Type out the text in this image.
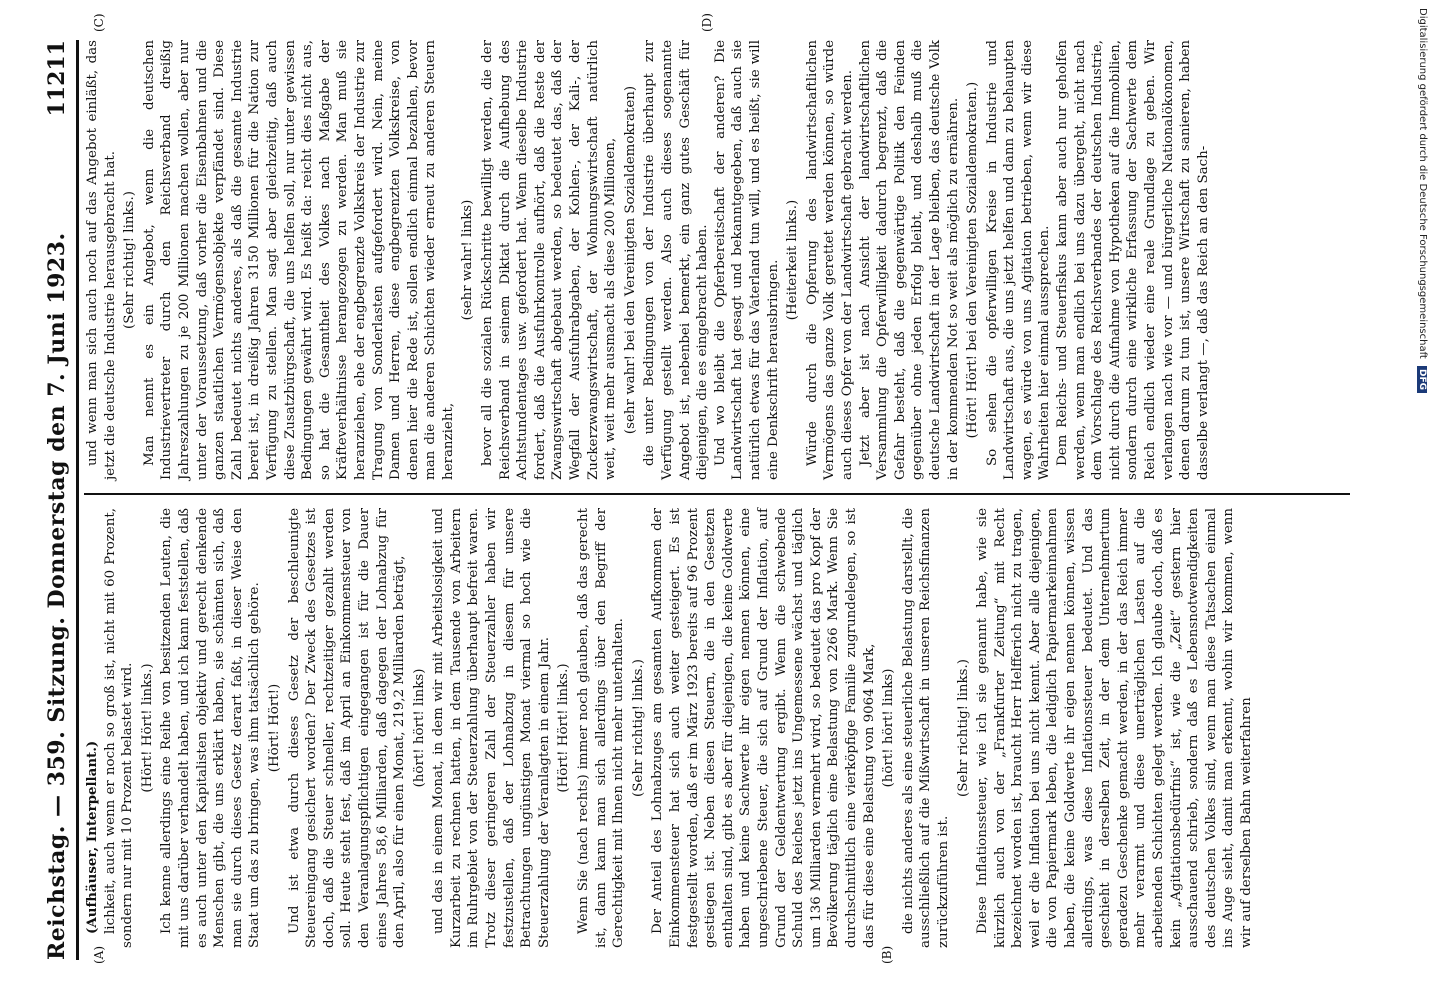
Reichstag. — 359. Sitzung. Donnerstag den 7. Juni 1923.
11211
(A)	(B)
(C)	(D)

(Aufhäuser, Interpellant.) lichkeit, auch wenn er noch so groß ist, nicht mit 60 Prozent, sondern nur mit 10 Prozent belastet wird. (Hört! Hört! links.) Ich kenne allerdings eine Reihe von besitzenden Leuten, die mit uns darüber verhandelt haben, und ich kann feststellen, daß es auch unter den Kapitalisten objektiv und gerecht denkende Menschen gibt, die uns erklärt haben, sie schämten sich, daß man sie durch dieses Gesetz derart faßt, in dieser Weise den Staat um das zu bringen, was ihm tatsächlich gehöre. (Hört! Hört!) Und ist etwa durch dieses Gesetz der beschleunigte Steuereingang gesichert worden? Der Zweck des Gesetzes ist doch, daß die Steuer schneller, rechtzeitiger gezahlt werden soll. Heute steht fest, daß im April an Einkommensteuer von den Veranlagungspflichtigen eingegangen ist für die Dauer eines Jahres 58,6 Milliarden, daß dagegen der Lohnabzug für den April, also für einen Monat, 219,2 Milliarden beträgt, (hört! hört! links) und das in einem Monat, in dem wir mit Arbeitslosigkeit und Kurzarbeit zu rechnen hatten, in dem Tausende von Arbeitern im Ruhrgebiet von der Steuerzahlung überhaupt befreit waren. Trotz dieser geringeren Zahl der Steuerzahler haben wir festzustellen, daß der Lohnabzug in diesem für unsere Betrachtungen ungünstigen Monat viermal so hoch wie die Steuerzahlung der Veranlagten in einem Jahr. (Hört! Hört! links.) Wenn Sie (nach rechts) immer noch glauben, daß das gerecht ist, dann kann man sich allerdings über den Begriff der Gerechtigkeit mit Ihnen nicht mehr unterhalten. (Sehr richtig! links.) Der Anteil des Lohnabzuges am gesamten Aufkommen der Einkommensteuer hat sich auch weiter gesteigert. Es ist festgestellt worden, daß er im März 1923 bereits auf 96 Prozent gestiegen ist. Neben diesen Steuern, die in den Gesetzen enthalten sind, gibt es aber für diejenigen, die keine Goldwerte haben und keine Sachwerte ihr eigen nennen können, eine ungeschriebene Steuer, die sich auf Grund der Inflation, auf Grund der Geldentwertung ergibt. Wenn die schwebende Schuld des Reiches jetzt ins Ungemessene wächst und täglich um 136 Milliarden vermehrt wird, so bedeutet das pro Kopf der Bevölkerung täglich eine Belastung von 2266 Mark. Wenn Sie durchschnittlich eine vierköpfige Familie zugrundelegen, so ist das für diese eine Belastung von 9064 Mark, (hört! hört! links) die nichts anderes als eine steuerliche Belastung darstellt, die ausschließlich auf die Mißwirtschaft in unseren Reichsfinanzen zurückzuführen ist.

(Sehr richtig! links.) Diese Inflationssteuer, wie ich sie genannt habe, wie sie kürzlich auch von der „Frankfurter Zeitung“ mit Recht bezeichnet worden ist, braucht Herr Helfferich nicht zu tragen, weil er die Inflation bei uns nicht kennt. Aber alle diejenigen, die von Papiermark leben, die lediglich Papiermarkeinnahmen haben, die keine Goldwerte ihr eigen nennen können, wissen allerdings, was diese Inflationssteuer bedeutet. Und das geschieht in derselben Zeit, in der dem Unternehmertum geradezu Geschenke gemacht werden, in der das Reich immer mehr verarmt und diese unerträglichen Lasten auf die arbeitenden Schichten gelegt werden. Ich glaube doch, daß es kein „Agitationsbedürfnis“ ist, wie die „Zeit“ gestern hier ausschauend schrieb, sondern daß es Lebensnotwendigkeiten des deutschen Volkes sind, wenn man diese Tatsachen einmal ins Auge sieht, damit man erkennt, wohin wir kommen, wenn wir auf derselben Bahn weiterfahren

und wenn man sich auch noch auf das Angebot einläßt, das jetzt die deutsche Industrie herausgebracht hat. (Sehr richtig! links.) Man nennt es ein Angebot, wenn die deutschen Industrievertreter durch den Reichsverband dreißig Jahreszahlungen zu je 200 Millionen machen wollen, aber nur unter der Voraussetzung, daß vorher die Eisenbahnen und die ganzen staatlichen Vermögensobjekte verpfändet sind. Diese Zahl bedeutet nichts anderes, als daß die gesamte Industrie bereit ist, in dreißig Jahren 3150 Millionen für die Nation zur Verfügung zu stellen. Man sagt aber gleichzeitig, daß auch diese Zusatzbürgschaft, die uns helfen soll, nur unter gewissen Bedingungen gewährt wird. Es heißt da: reicht dies nicht aus, so hat die Gesamtheit des Volkes nach Maßgabe der Kräfteverhältnisse herangezogen zu werden. Man muß sie heranziehen, ehe der engbegrenzte Volkskreis der Industrie zur Tragung von Sonderlasten aufgefordert wird. Nein, meine Damen und Herren, diese engbegrenzten Volkskreise, von denen hier die Rede ist, sollen endlich einmal bezahlen, bevor man die anderen Schichten wieder erneut zu anderen Steuern heranzieht,

(sehr wahr! links) bevor all die sozialen Rückschritte bewilligt werden, die der Reichsverband in seinem Diktat durch die Aufhebung des Achtstundentages usw. gefordert hat. Wenn dieselbe Industrie fordert, daß die Ausfuhrkontrolle aufhört, daß die Reste der Zwangswirtschaft abgebaut werden, so bedeutet das, daß der Wegfall der Ausfuhrabgaben, der Kohlen-, der Kali-, der Zuckerzwangswirtschaft, der Wohnungswirtschaft natürlich weit, weit mehr ausmacht als diese 200 Millionen, (sehr wahr! bei den Vereinigten Sozialdemokraten) die unter Bedingungen von der Industrie überhaupt zur Verfügung gestellt werden. Also auch dieses sogenannte Angebot ist, nebenbei bemerkt, ein ganz gutes Geschäft für diejenigen, die es eingebracht haben. Und wo bleibt die Opferbereitschaft der anderen? Die Landwirtschaft hat gesagt und bekanntgegeben, daß auch sie natürlich etwas für das Vaterland tun will, und es heißt, sie will eine Denkschrift herausbringen. (Heiterkeit links.) Würde durch die Opferung des landwirtschaftlichen Vermögens das ganze Volk gerettet werden können, so würde auch dieses Opfer von der Landwirtschaft gebracht werden. Jetzt aber ist nach Ansicht der landwirtschaftlichen Versammlung die Opferwilligkeit dadurch begrenzt, daß die Gefahr besteht, daß die gegenwärtige Politik den Feinden gegenüber ohne jeden Erfolg bleibt, und deshalb muß die deutsche Landwirtschaft in der Lage bleiben, das deutsche Volk in der kommenden Not so weit als möglich zu ernähren. (Hört! Hört! bei den Vereinigten Sozialdemokraten.) So sehen die opferwilligen Kreise in Industrie und Landwirtschaft aus, die uns jetzt helfen und dann zu behaupten wagen, es würde von uns Agitation betrieben, wenn wir diese Wahrheiten hier einmal aussprechen. Dem Reichs- und Steuerfiskus kann aber auch nur geholfen werden, wenn man endlich bei uns dazu übergeht, nicht nach dem Vorschlage des Reichsverbandes der deutschen Industrie, nicht durch die Aufnahme von Hypotheken auf die Immobilien, sondern durch eine wirkliche Erfassung der Sachwerte dem Reich endlich wieder eine reale Grundlage zu geben. Wir verlangen nach wie vor — und bürgerliche Nationalökonomen, denen darum zu tun ist, unsere Wirtschaft zu sanieren, haben dasselbe verlangt —, daß das Reich an den Sach-	Digitalisierung gefördert durch die Deutsche Forschungsgemeinschaft DFG
